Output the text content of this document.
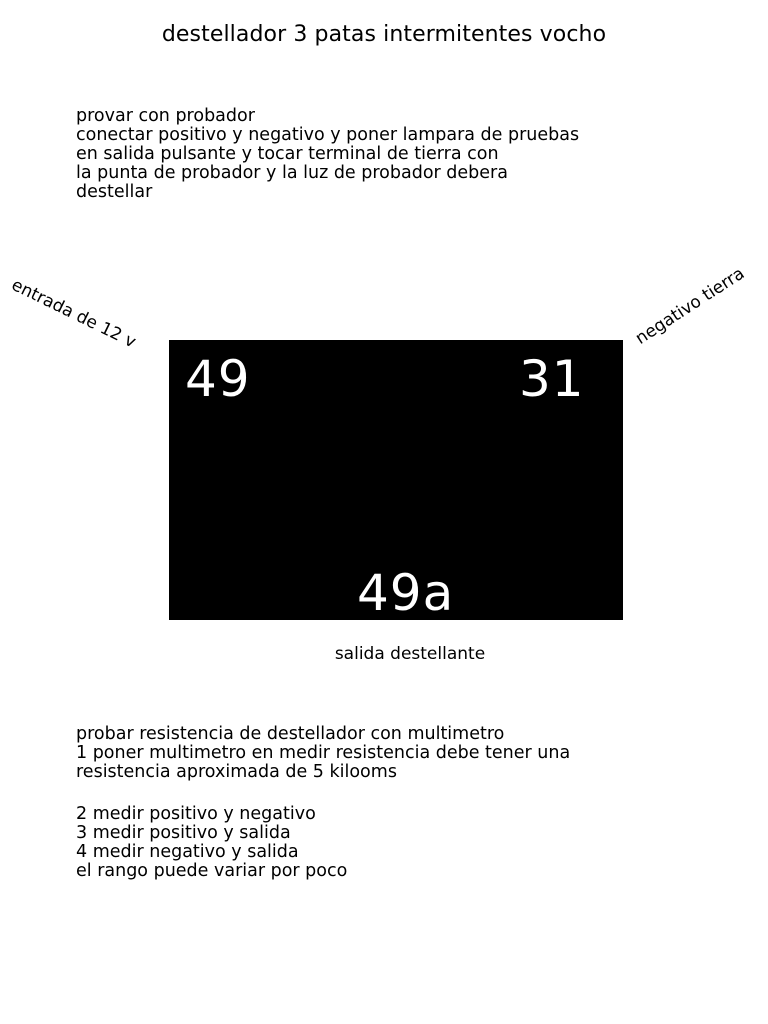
destellador 3 patas intermitentes vocho
provar con probador
conectar positivo y negativo y poner lampara de pruebas
en salida pulsante y tocar terminal de tierra con
la punta de probador y la luz de probador debera
destellar
entrada de 12 v	negativo tierra
49	31
49a
salida destellante
probar resistencia de destellador con multimetro
1 poner multimetro en medir resistencia debe tener una
resistencia aproximada de 5 kilooms
2 medir positivo y negativo
3 medir positivo y salida
4 medir negativo y salida
el rango puede variar por poco
